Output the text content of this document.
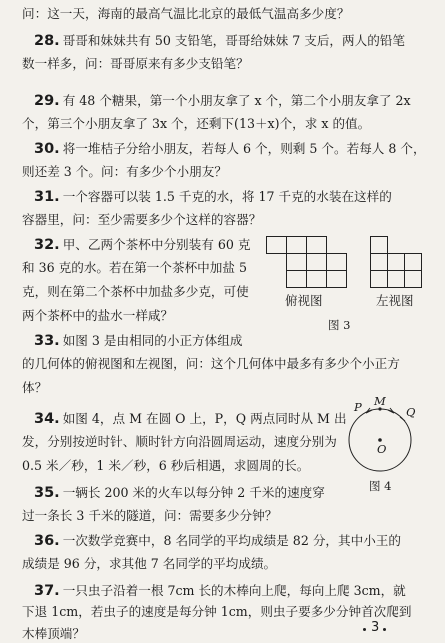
问：这一天，海南的最高气温比北京的最低气温高多少度？
28. 哥哥和妹妹共有 50 支铅笔，哥哥给妹妹 7 支后，两人的铅笔
数一样多，问：哥哥原来有多少支铅笔？
29. 有 48 个糖果，第一个小朋友拿了 x 个，第二个小朋友拿了 2x
个，第三个小朋友拿了 3x 个，还剩下(13＋x)个，求 x 的值。
30. 将一堆桔子分给小朋友，若每人 6 个，则剩 5 个。若每人 8 个，
则还差 3 个。问：有多少个小朋友？
31. 一个容器可以装 1.5 千克的水，将 17 千克的水装在这样的
容器里，问：至少需要多少个这样的容器？
32. 甲、乙两个茶杯中分别装有 60 克
和 36 克的水。若在第一个茶杯中加盐 5
克，则在第二个茶杯中加盐多少克，可使
两个茶杯中的盐水一样咸？
33. 如图 3 是由相同的小正方体组成
的几何体的俯视图和左视图，问：这个几何体中最多有多少个小正方
体？
34. 如图 4，点 M 在圆 O 上，P，Q 两点同时从 M 出
发，分别按逆时针、顺时针方向沿圆周运动，速度分别为
0.5 米／秒，1 米／秒，6 秒后相遇，求圆周的长。
35. 一辆长 200 米的火车以每分钟 2 千米的速度穿
过一条长 3 千米的隧道，问：需要多少分钟？
36. 一次数学竞赛中，8 名同学的平均成绩是 82 分，其中小王的
成绩是 96 分，求其他 7 名同学的平均成绩。
37. 一只虫子沿着一根 7cm 长的木棒向上爬，每向上爬 3cm，就
下退 1cm，若虫子的速度是每分钟 1cm，则虫子要多少分钟首次爬到
木棒顶端？
俯视图	左视图
图 3
M
P	Q
O
图 4
3
